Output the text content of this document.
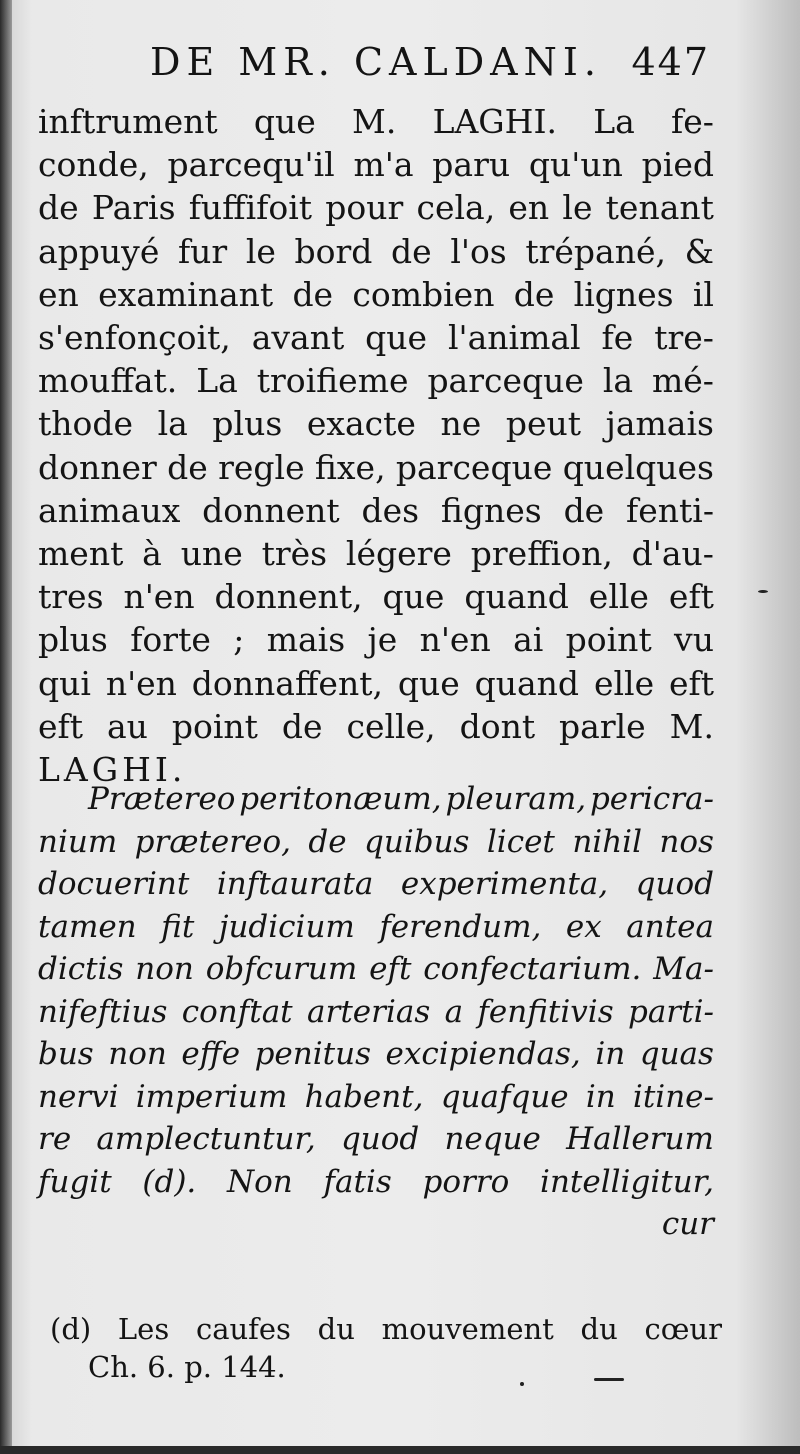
DE MR. CALDANI. 447
inftrument que M. LAGHI. La fe-
conde, parcequ'il m'a paru qu'un pied
de Paris fuffifoit pour cela, en le tenant
appuyé fur le bord de l'os trépané, &
en examinant de combien de lignes il
s'enfonçoit, avant que l'animal fe tre-
mouffat. La troifieme parceque la mé-
thode la plus exacte ne peut jamais
donner de regle fixe, parceque quelques
animaux donnent des fignes de fenti-
ment à une très légere preffion, d'au-
tres n'en donnent, que quand elle eft
plus forte ; mais je n'en ai point vu
qui n'en donnaffent, que quand elle eft
eft au point de celle, dont parle M.
LAGHI.
Prætereo peritonæum, pleuram, pericra-
nium prætereo, de quibus licet nihil nos
docuerint inftaurata experimenta, quod
tamen fit judicium ferendum, ex antea
dictis non obfcurum eft confectarium. Ma-
nifeftius conftat arterias a fenfitivis parti-
bus non effe penitus excipiendas, in quas
nervi imperium habent, quafque in itine-
re amplectuntur, quod neque Hallerum
fugit (d). Non fatis porro intelligitur,
cur
(d) Les caufes du mouvement du cœur
Ch. 6. p. 144.
